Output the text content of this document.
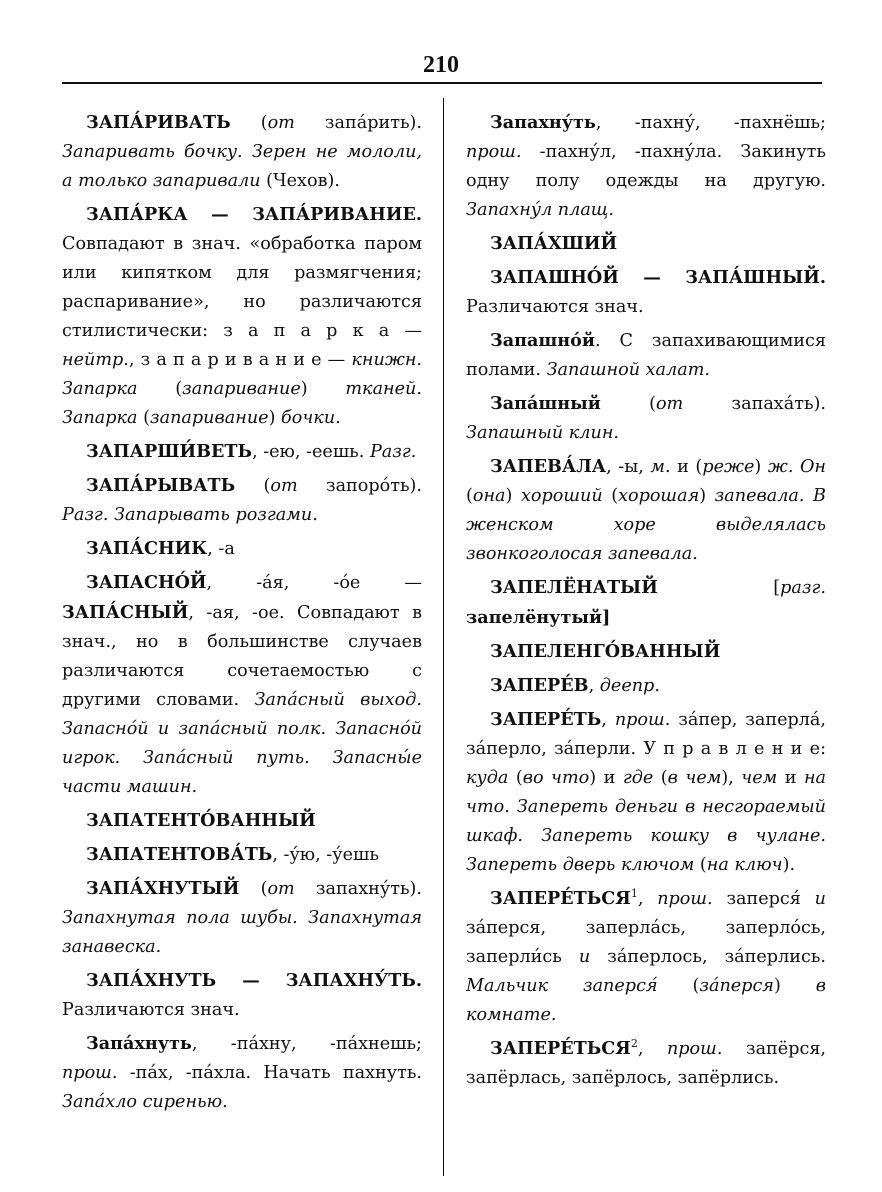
210

ЗАПА́РИВАТЬ (от запа́рить). Запаривать бочку. Зерен не мололи, а только запаривали (Чехов).

ЗАПА́РКА — ЗАПА́РИВАНИЕ. Совпадают в знач. «обработка паром или кипятком для размягчения; распаривание», но различаются стилистически: з а п а р к а — нейтр., з а п а р и в а н и е — книжн. Запарка (запаривание) тканей. Запарка (запаривание) бочки.

ЗАПАРШИ́ВЕТЬ, -ею, -еешь. Разг.

ЗАПА́РЫВАТЬ (от запоро́ть). Разг. Запарывать розгами.

ЗАПА́СНИК, -а

ЗАПАСНО́Й, -а́я, -о́е — ЗАПА́СНЫЙ, -ая, -ое. Совпадают в знач., но в большинстве случаев различаются сочетаемостью с другими словами. Запа́сный выход. Запасно́й и запа́сный полк. Запасно́й игрок. Запа́сный путь. Запасны́е части машин.

ЗАПАТЕНТО́ВАННЫЙ

ЗАПАТЕНТОВА́ТЬ, -у́ю, -у́ешь

ЗАПА́ХНУТЫЙ (от запахну́ть). Запахнутая пола шубы. Запахнутая занавеска.

ЗАПА́ХНУТЬ — ЗАПАХНУ́ТЬ. Различаются знач.

Запа́хнуть, -па́хну, -па́хнешь; прош. -па́х, -па́хла. Начать пахнуть. Запа́хло сиренью.

Запахну́ть, -пахну́, -пахнёшь; прош. -пахну́л, -пахну́ла. Закинуть одну полу одежды на другую. Запахну́л плащ.

ЗАПА́ХШИЙ

ЗАПАШНО́Й — ЗАПА́ШНЫЙ. Различаются знач.

Запашно́й. С запахивающимися полами. Запашной халат.

Запа́шный (от запаха́ть). Запашный клин.

ЗАПЕВА́ЛА, -ы, м. и (реже) ж. Он (она) хороший (хорошая) запевала. В женском хоре выделялась звонкоголосая запевала.

ЗАПЕЛЁНАТЫЙ [разг. запелёнутый]

ЗАПЕЛЕНГО́ВАННЫЙ

ЗАПЕРЕ́В, деепр.

ЗАПЕРЕ́ТЬ, прош. за́пер, заперла́, за́перло, за́перли. У п р а в л е н и е: куда (во что) и где (в чем), чем и на что. Запереть деньги в несгораемый шкаф. Запереть кошку в чулане. Запереть дверь ключом (на ключ).

ЗАПЕРЕ́ТЬСЯ$^1$, прош. заперся́ и за́перся, заперла́сь, заперло́сь, заперли́сь и за́перлось, за́перлись. Мальчик заперся́ (за́перся) в комнате.

ЗАПЕРЕ́ТЬСЯ$^2$, прош. запёрся, запёрлась, запёрлось, запёрлись.
